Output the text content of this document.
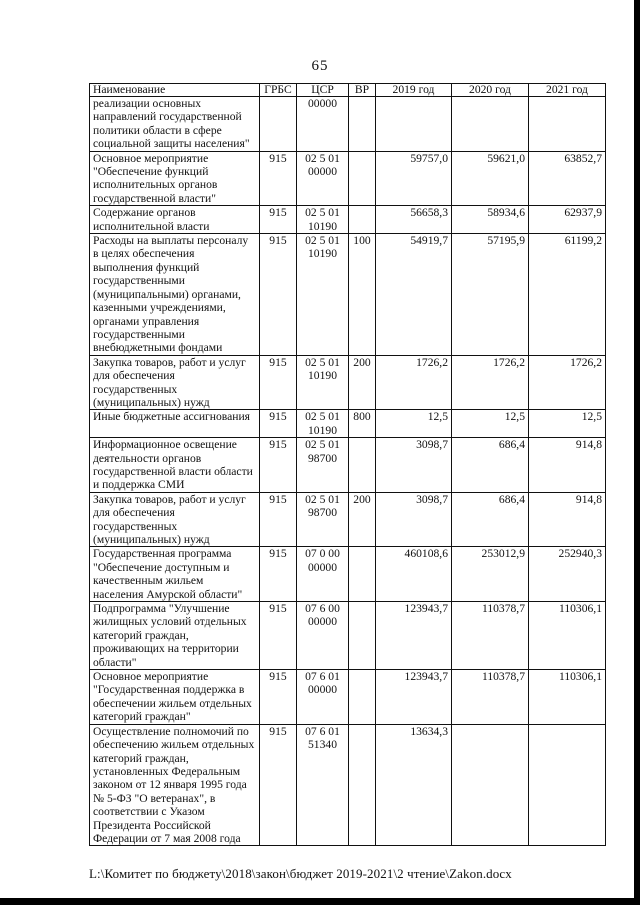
65
Наименование	ГРБС	ЦСР	ВР	2019 год	2020 год	2021 год
реализации основных направлений государственной политики области в сфере социальной защиты населения"		00000				
Основное мероприятие "Обеспечение функций исполнительных органов государственной власти"	915	02 5 01 00000		59757,0	59621,0	63852,7
Содержание органов исполнительной власти	915	02 5 01 10190		56658,3	58934,6	62937,9
Расходы на выплаты персоналу в целях обеспечения выполнения функций государственными (муниципальными) органами, казенными учреждениями, органами управления государственными внебюджетными фондами	915	02 5 01 10190	100	54919,7	57195,9	61199,2
Закупка товаров, работ и услуг для обеспечения государственных (муниципальных) нужд	915	02 5 01 10190	200	1726,2	1726,2	1726,2
Иные бюджетные ассигнования	915	02 5 01 10190	800	12,5	12,5	12,5
Информационное освещение деятельности органов государственной власти области и поддержка СМИ	915	02 5 01 98700		3098,7	686,4	914,8
Закупка товаров, работ и услуг для обеспечения государственных (муниципальных) нужд	915	02 5 01 98700	200	3098,7	686,4	914,8
Государственная программа "Обеспечение доступным и качественным жильем населения Амурской области"	915	07 0 00 00000		460108,6	253012,9	252940,3
Подпрограмма "Улучшение жилищных условий отдельных категорий граждан, проживающих на территории области"	915	07 6 00 00000		123943,7	110378,7	110306,1
Основное мероприятие "Государственная поддержка в обеспечении жильем отдельных категорий граждан"	915	07 6 01 00000		123943,7	110378,7	110306,1
Осуществление полномочий по обеспечению жильем отдельных категорий граждан, установленных Федеральным законом от 12 января 1995 года № 5-ФЗ "О ветеранах", в соответствии с Указом Президента Российской Федерации от 7 мая 2008 года	915	07 6 01 51340		13634,3		
L:\Комитет по бюджету\2018\закон\бюджет 2019-2021\2 чтение\Zakon.docx
